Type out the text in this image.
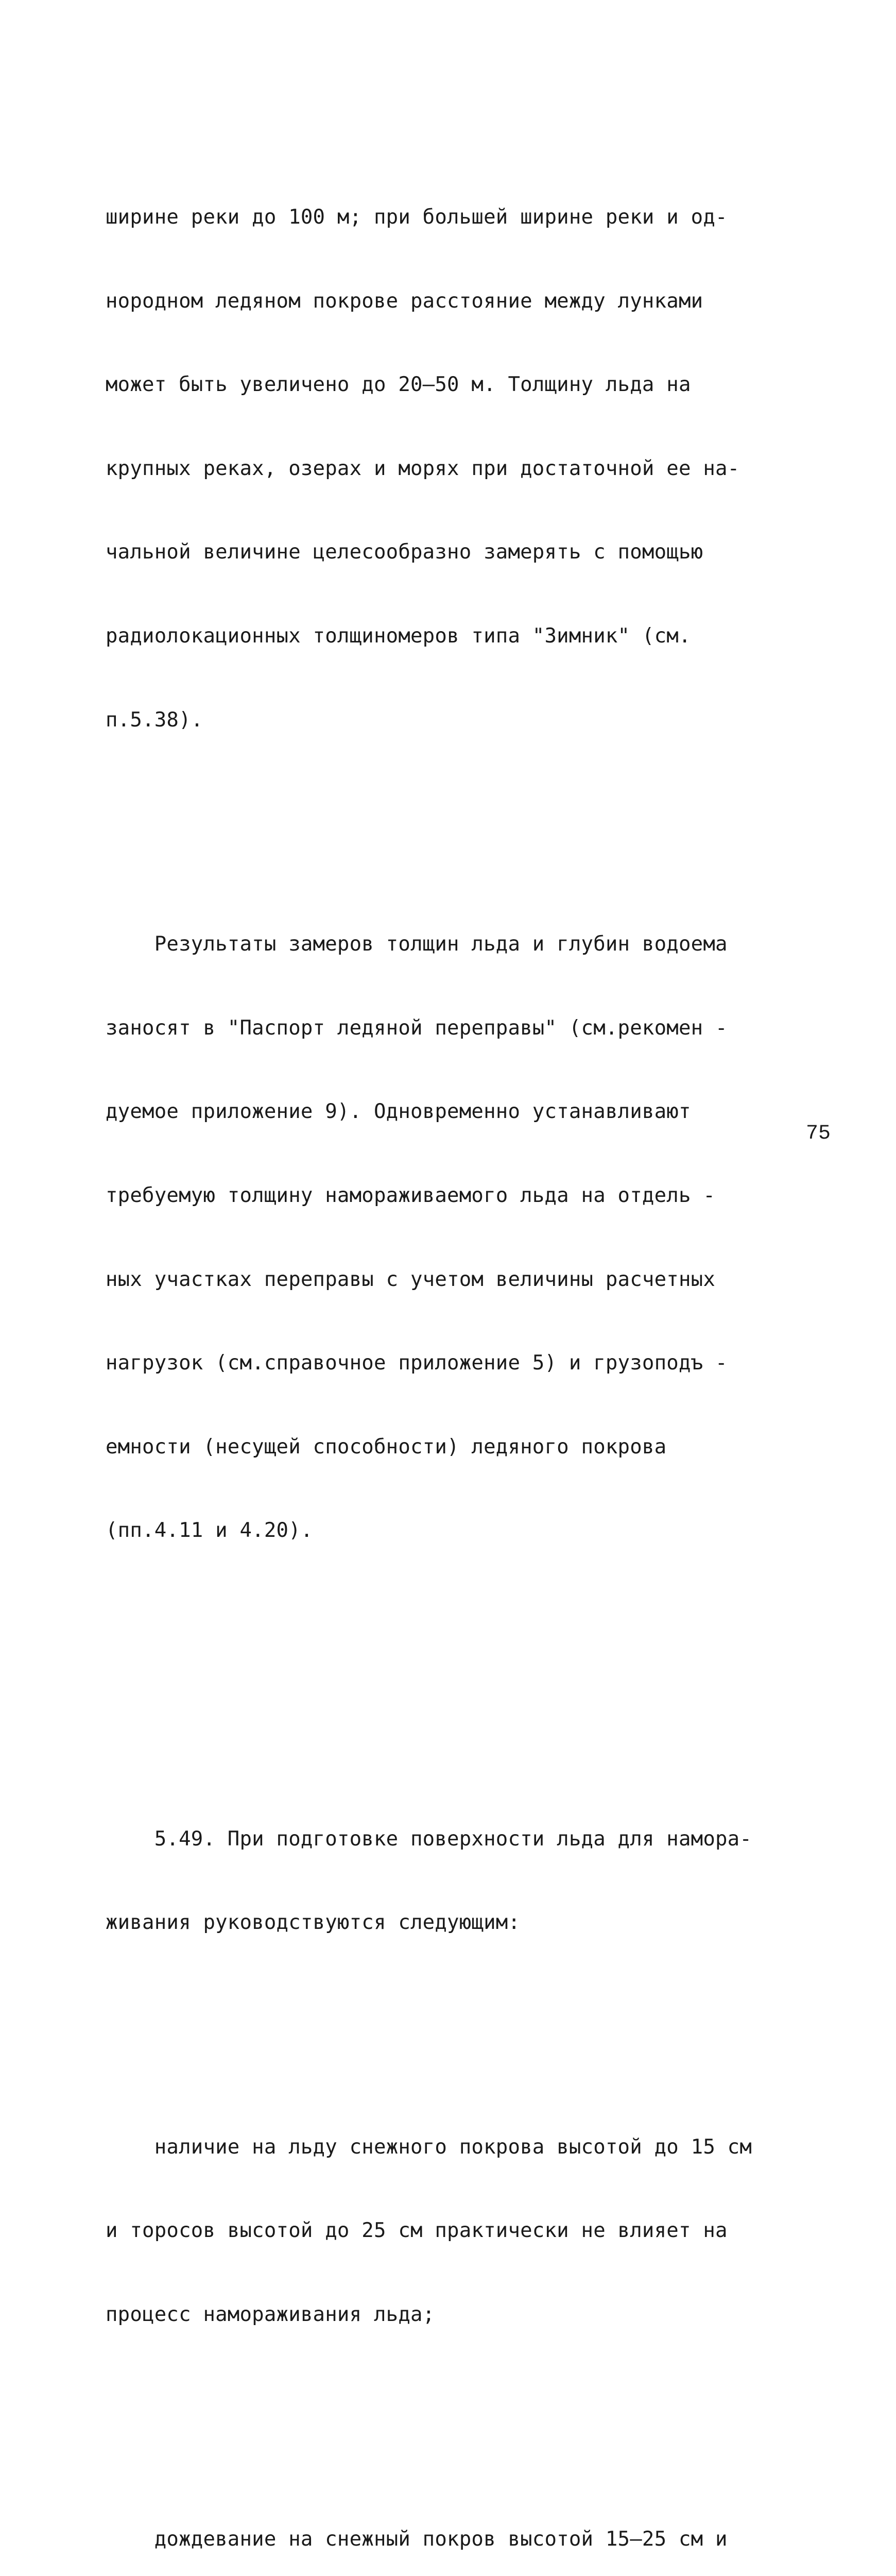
ширине реки до 100 м; при большей ширине реки и од-

нородном ледяном покрове расстояние между лунками

может быть увеличено до 20–50 м. Толщину льда на

крупных реках, озерах и морях при достаточной ее на-

чальной величине целесообразно замерять с помощью

радиолокационных толщиномеров типа "Зимник" (см.

п.5.38).

Результаты замеров толщин льда и глубин водоема

заносят в "Паспорт ледяной переправы" (см.рекомен -

дуемое приложение 9). Одновременно устанавливают

требуемую толщину намораживаемого льда на отдель -

ных участках переправы с учетом величины расчетных

нагрузок (см.справочное приложение 5) и грузоподъ -

емности (несущей способности) ледяного покрова

(пп.4.11 и 4.20).

5.49. При подготовке поверхности льда для намора-

живания руководствуются следующим:

наличие на льду снежного покрова высотой до 15 см

и торосов высотой до 25 см практически не влияет на

процесс намораживания льда;

дождевание на снежный покров высотой 15–25 см и

75
